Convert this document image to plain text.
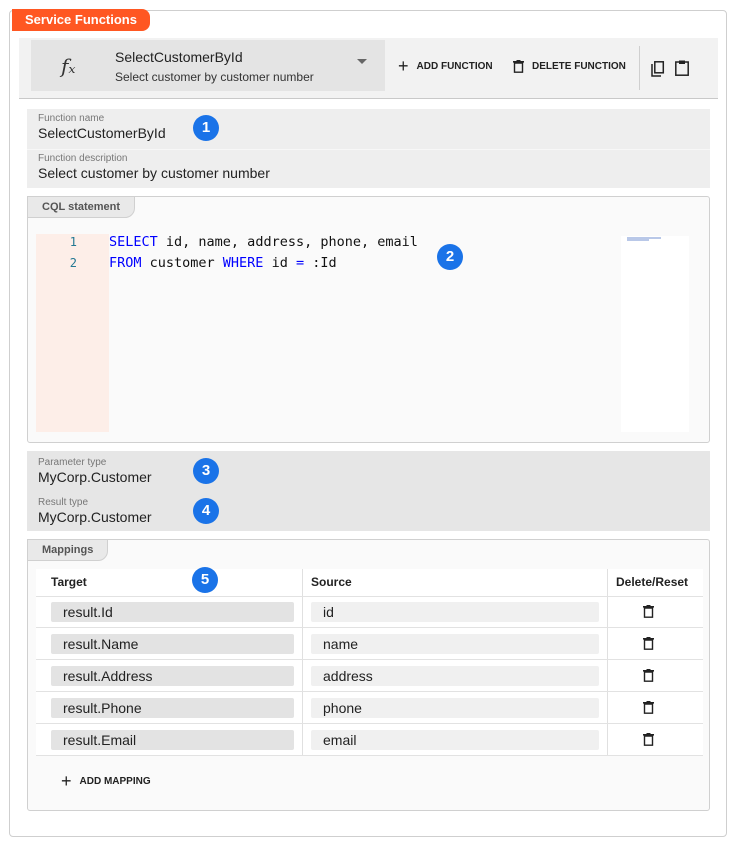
Service Functions
fₓ	SelectCustomerById
Select customer by customer number
+ ADD FUNCTION	DELETE FUNCTION
Function name
SelectCustomerById
Function description
Select customer by customer number
1
CQL statement
1
2
SELECT id, name, address, phone, email
FROM customer WHERE id = :Id	2
Parameter type
MyCorp.Customer
Result type
MyCorp.Customer
3
4
Mappings
Target	Source	Delete/Reset
result.Id	id
result.Name	name
result.Address	address
result.Phone	phone
result.Email	email
+ ADD MAPPING
5
